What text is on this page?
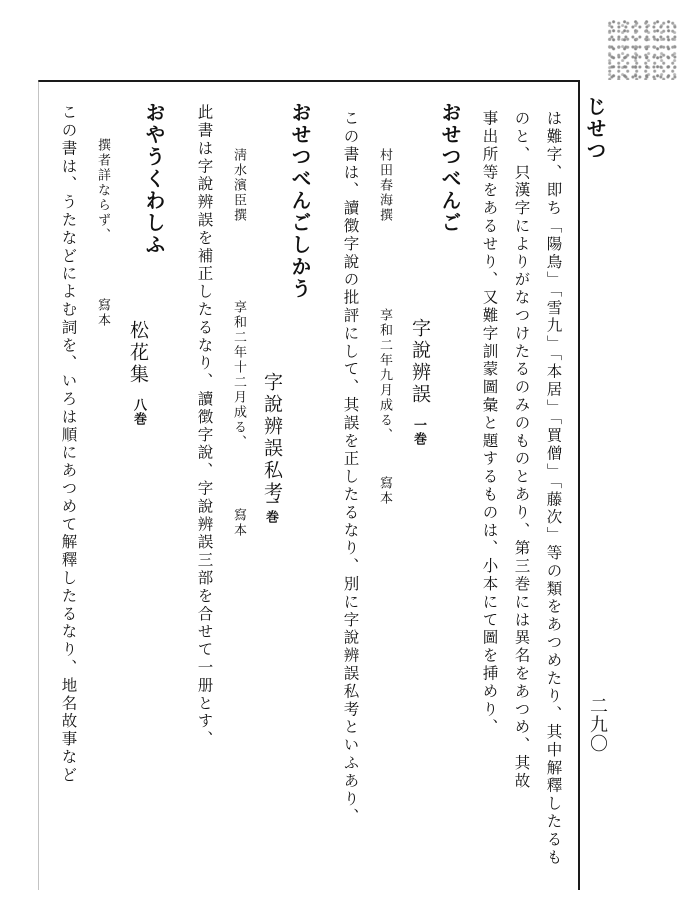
じせつ
二九〇
は難字、即ち「陽鳥」「雪九」「本居」「買僧」「藤次」等の類をあつめたり、其中解釋したるも
のと、只漢字によりがなつけたるのみのものとあり、第三巻には異名をあつめ、其故
事出所等をあるせり、又難字訓蒙圖彙と題するものは、小本にて圖を挿めり、
おせつべんご
字說辨誤
一巻
村田春海撰
享和二年九月成る、
寫本
この書は、讀徴字說の批評にして、其誤を正したるなり、別に字說辨誤私考といふあり、
おせつべんごしかう
字說辨誤私考
一巻
淸水濱臣撰
享和二年十二月成る、
寫本
此書は字說辨誤を補正したるなり、讀徴字說、字說辨誤三部を合せて一册とす、
おやうくわしふ
松花集
八巻
撰者詳ならず、
寫本
この書は、うたなどによむ詞を、いろは順にあつめて解釋したるなり、地名故事など
